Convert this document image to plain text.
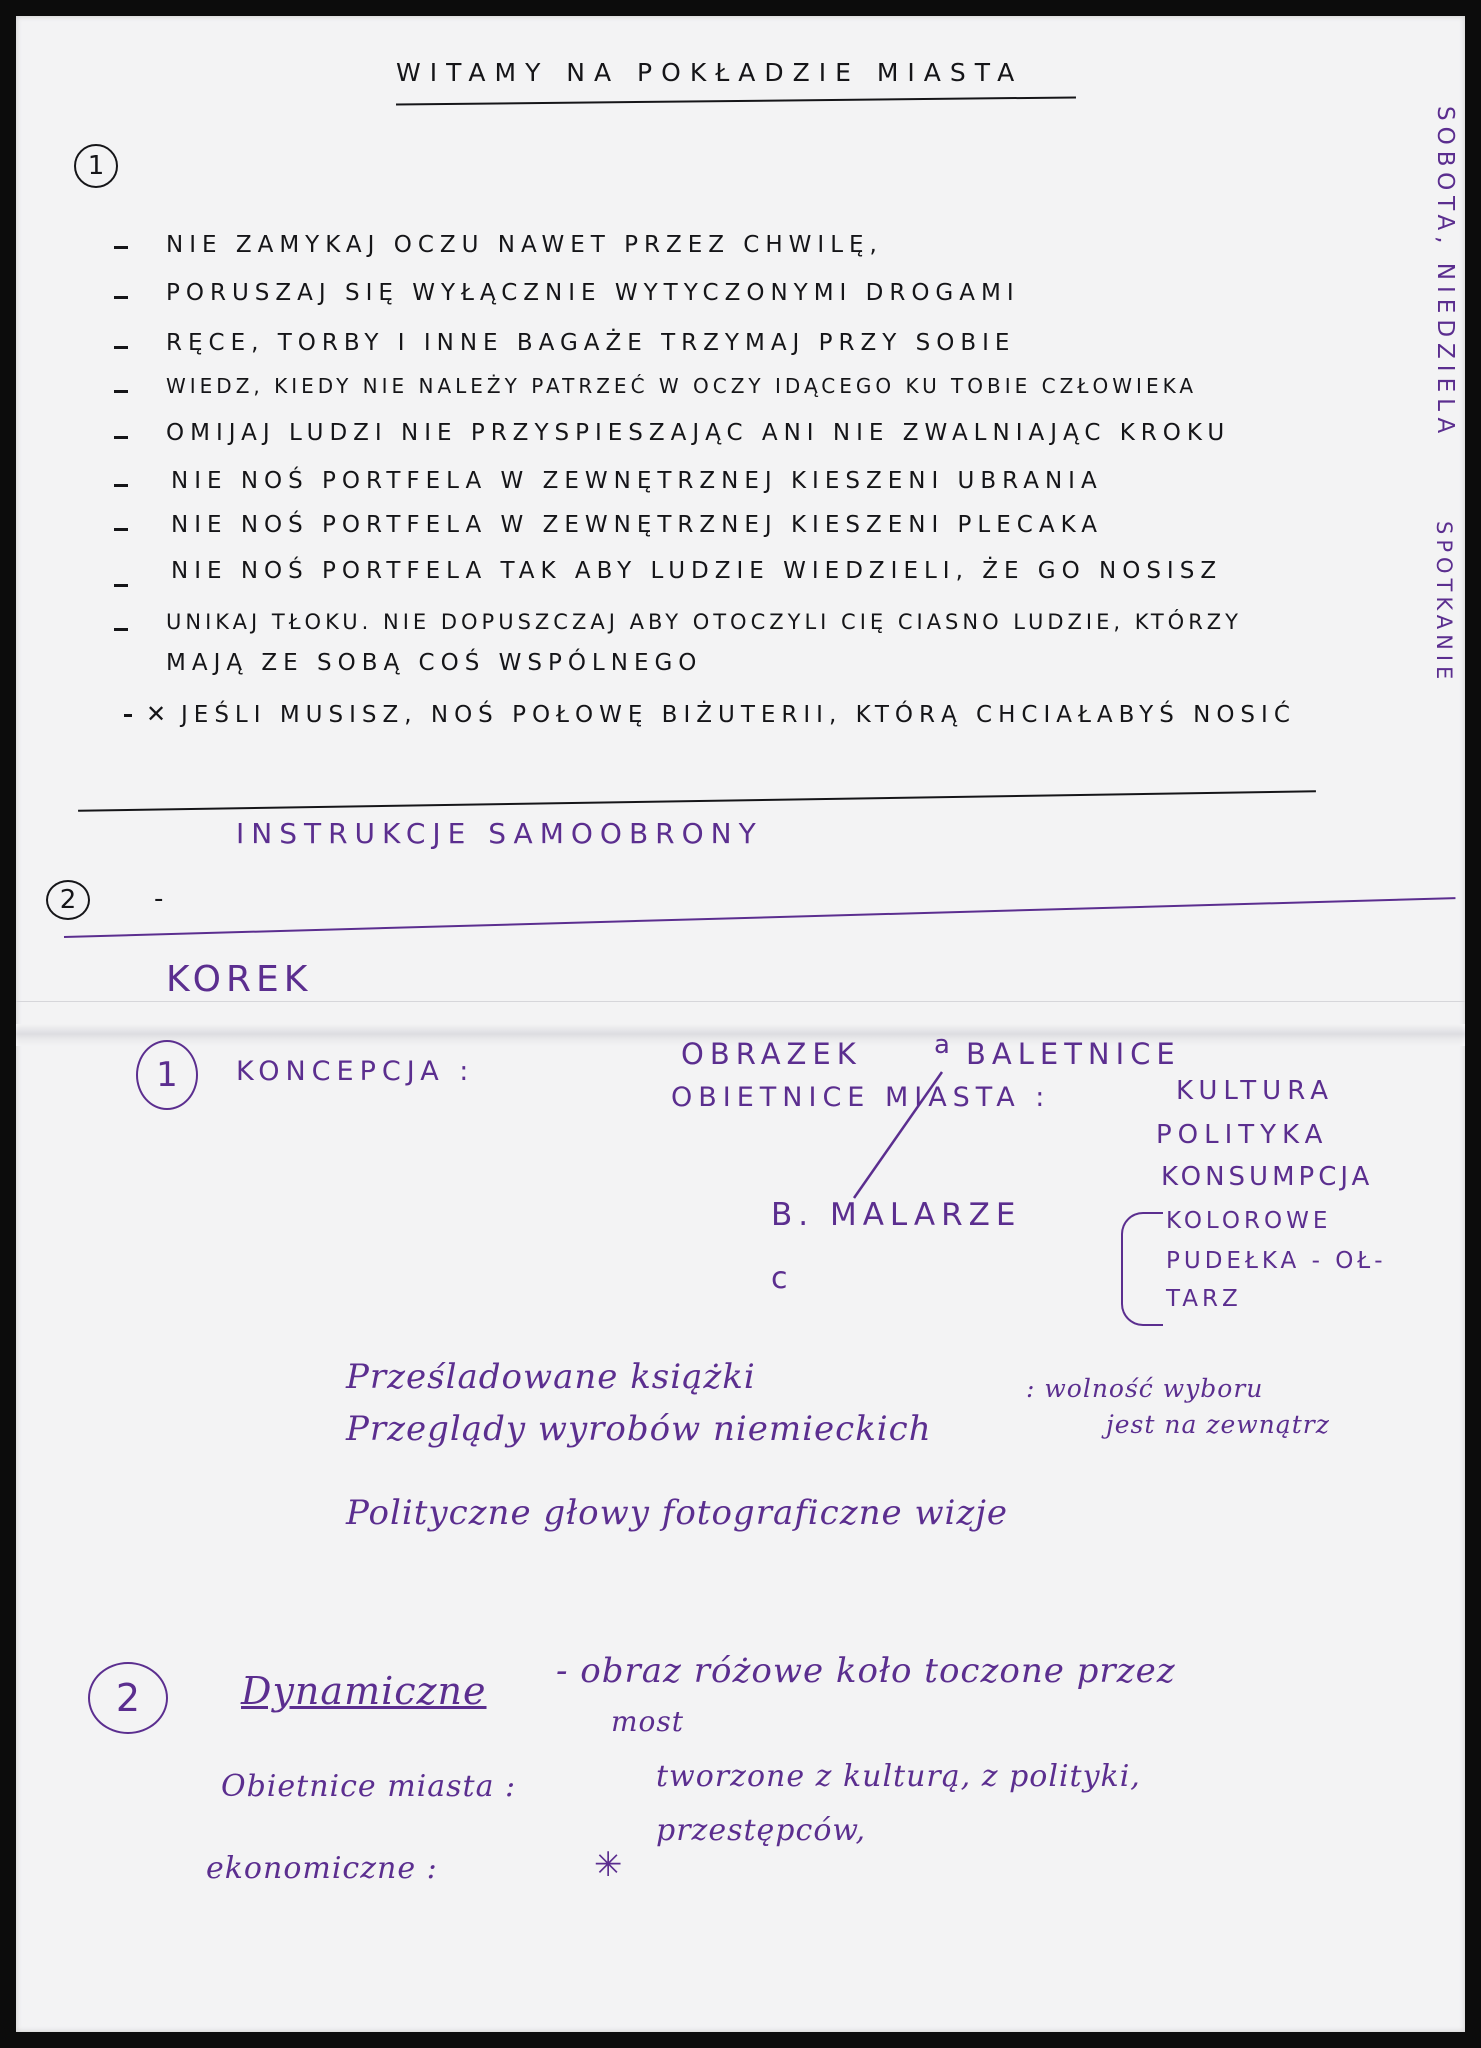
WITAMY NA POKŁADZIE MIASTA
SOBOTA, NIEDZIELA
SPOTKANIE
1
NIE ZAMYKAJ OCZU NAWET PRZEZ CHWILĘ,
PORUSZAJ SIĘ WYŁĄCZNIE WYTYCZONYMI DROGAMI
RĘCE, TORBY I INNE BAGAŻE TRZYMAJ PRZY SOBIE
WIEDZ, KIEDY NIE NALEŻY PATRZEĆ W OCZY IDĄCEGO KU TOBIE CZŁOWIEKA
OMIJAJ LUDZI NIE PRZYSPIESZAJĄC ANI NIE ZWALNIAJĄC KROKU
NIE NOŚ PORTFELA W ZEWNĘTRZNEJ KIESZENI UBRANIA
NIE NOŚ PORTFELA W ZEWNĘTRZNEJ KIESZENI PLECAKA
NIE NOŚ PORTFELA TAK ABY LUDZIE WIEDZIELI, ŻE GO NOSISZ
UNIKAJ TŁOKU. NIE DOPUSZCZAJ ABY OTOCZYLI CIĘ CIASNO LUDZIE, KTÓRZY
MAJĄ ZE SOBĄ COŚ WSPÓLNEGO
✕ JEŚLI MUSISZ, NOŚ POŁOWĘ BIŻUTERII, KTÓRĄ CHCIAŁABYŚ NOSIĆ
INSTRUKCJE SAMOOBRONY
2	-
KOREK
1	KONCEPCJA :
OBRAZEK	a BALETNICE
OBIETNICE MIASTA :	KULTURA
POLITYKA
KONSUMPCJA
KOLOROWE
PUDEŁKA - OŁ-
TARZ
B. MALARZE
c
Prześladowane książki
Przeglądy wyrobów niemieckich
: wolność wyboru
jest na zewnątrz
Polityczne głowy fotograficzne wizje
2	Dynamiczne - obraz różowe koło toczone przez
most
Obietnice miasta :	tworzone z kulturą, z polityki,
przestępców,
ekonomiczne :	✳
